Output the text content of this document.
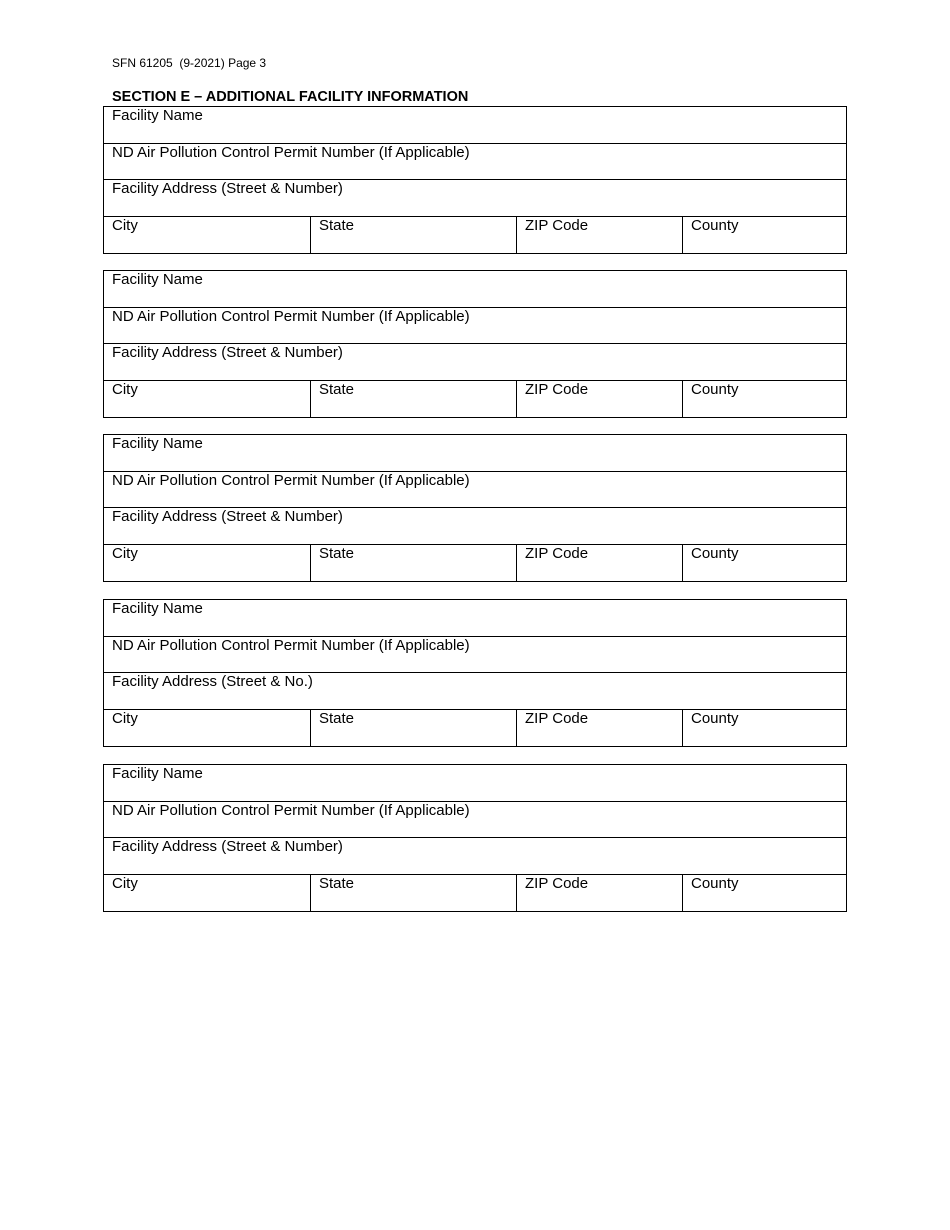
SFN 61205  (9-2021) Page 3
SECTION E – ADDITIONAL FACILITY INFORMATION
Facility Name
ND Air Pollution Control Permit Number (If Applicable)
Facility Address (Street & Number)
City	State	ZIP Code	County
Facility Name
ND Air Pollution Control Permit Number (If Applicable)
Facility Address (Street & Number)
City	State	ZIP Code	County
Facility Name
ND Air Pollution Control Permit Number (If Applicable)
Facility Address (Street & Number)
City	State	ZIP Code	County
Facility Name
ND Air Pollution Control Permit Number (If Applicable)
Facility Address (Street & No.)
City	State	ZIP Code	County
Facility Name
ND Air Pollution Control Permit Number (If Applicable)
Facility Address (Street & Number)
City	State	ZIP Code	County
